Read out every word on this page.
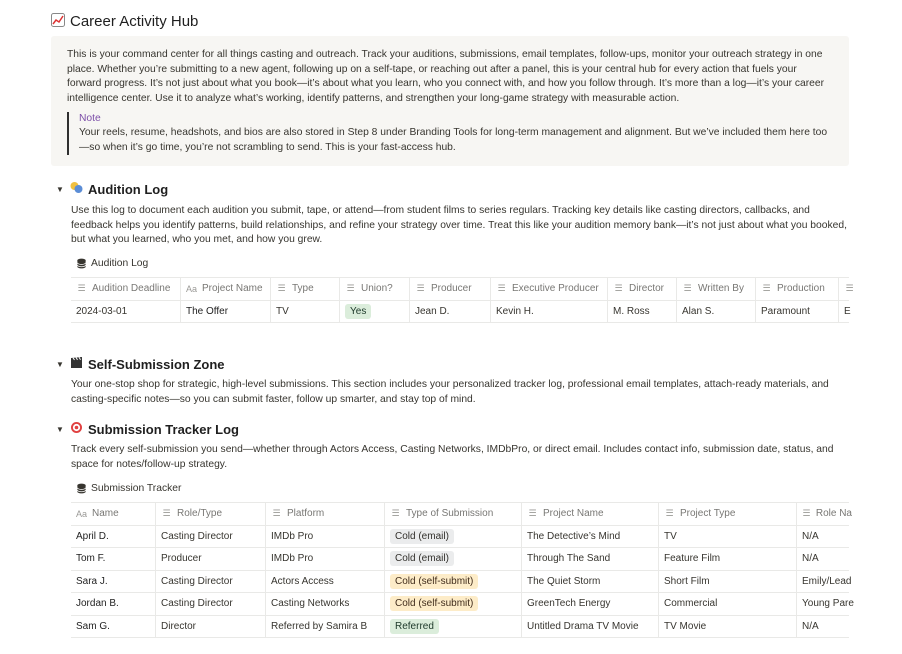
Career Activity Hub

This is your command center for all things casting and outreach. Track your auditions, submissions, email templates, follow-ups, monitor your outreach strategy in one place. Whether you’re submitting to a new agent, following up on a self-tape, or reaching out after a panel, this is your central hub for every action that fuels your forward progress. It’s not just about what you book—it’s about what you learn, who you connect with, and how you follow through. It’s more than a log—it’s your career intelligence center. Use it to analyze what’s working, identify patterns, and strengthen your long-game strategy with measurable action.

Note
Your reels, resume, headshots, and bios are also stored in Step 8 under Branding Tools for long-term management and alignment. But we’ve included them here too—so when it’s go time, you’re not scrambling to send. This is your fast-access hub.
▼	Audition Log

Use this log to document each audition you submit, tape, or attend—from student films to series regulars. Tracking key details like casting directors, callbacks, and feedback helps you identify patterns, build relationships, and refine your strategy over time. Treat this like your audition memory bank—it’s not just about what you booked, but what you learned, who you met, and how you grew.

Audition Log
☰ Audition Deadline Aa Project Name ☰ Type	☰ Union?	☰ Producer	☰ Executive Producer ☰ Director ☰ Written By ☰ Production ☰
2024-03-01	The Offer	TV	Yes	Jean D.	Kevin H.	M. Ross	Alan S.	Paramount	E
▼	Self-Submission Zone

Your one-stop shop for strategic, high-level submissions. This section includes your personalized tracker log, professional email templates, attach-ready materials, and casting-specific notes—so you can submit faster, follow up smarter, and stay top of mind.

▼	Submission Tracker Log

Track every self-submission you send—whether through Actors Access, Casting Networks, IMDbPro, or direct email. Includes contact info, submission date, status, and space for notes/follow-up strategy.

Submission Tracker
Aa Name	☰ Role/Type	☰ Platform	☰ Type of Submission	☰ Project Name	☰ Project Type	☰ Role Na
April D.	Casting Director	IMDb Pro	Cold (email)	The Detective’s Mind	TV	N/A
Tom F.	Producer	IMDb Pro	Cold (email)	Through The Sand	Feature Film	N/A
Sara J.	Casting Director	Actors Access	Cold (self-submit)	The Quiet Storm	Short Film	Emily/Lead
Jordan B.	Casting Director	Casting Networks	Cold (self-submit)	GreenTech Energy	Commercial	Young Pare
Sam G.	Director	Referred by Samira B	Referred	Untitled Drama TV Movie	TV Movie	N/A
